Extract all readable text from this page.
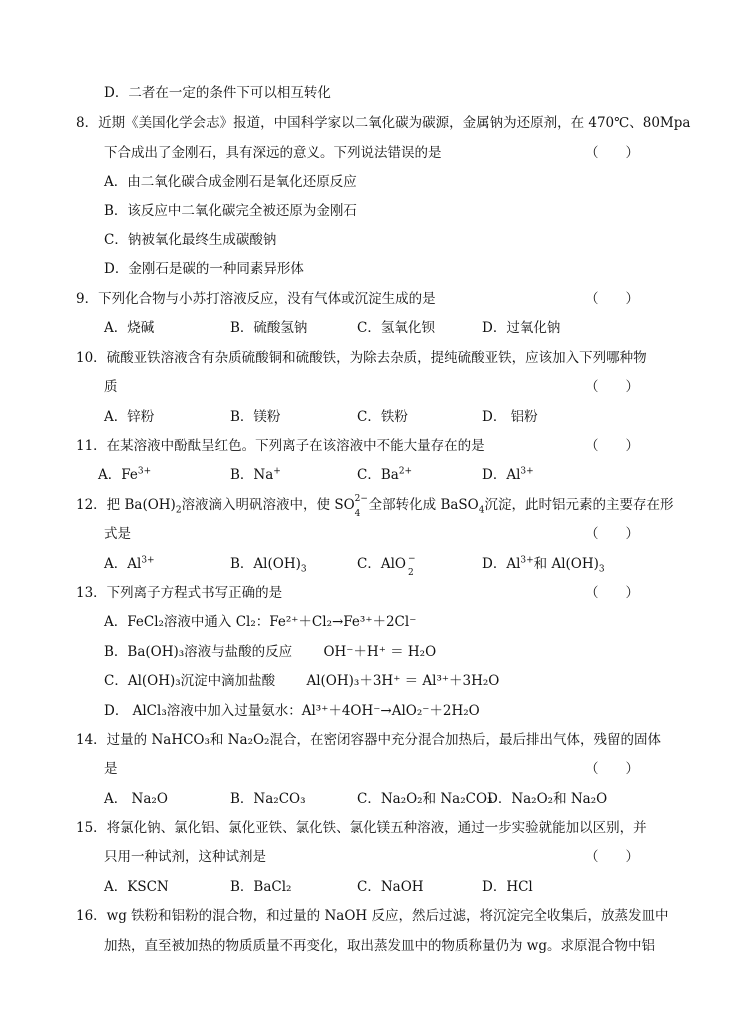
D．二者在一定的条件下可以相互转化
8．近期《美国化学会志》报道，中国科学家以二氧化碳为碳源，金属钠为还原剂，在 470℃、80Mpa
下合成出了金刚石，具有深远的意义。下列说法错误的是	（　　）
A．由二氧化碳合成金刚石是氧化还原反应
B．该反应中二氧化碳完全被还原为金刚石
C．钠被氧化最终生成碳酸钠
D．金刚石是碳的一种同素异形体
9．下列化合物与小苏打溶液反应，没有气体或沉淀生成的是	（　　）
A．烧碱	B．硫酸氢钠	C．氢氧化钡	D．过氧化钠
10．硫酸亚铁溶液含有杂质硫酸铜和硫酸铁，为除去杂质，提纯硫酸亚铁，应该加入下列哪种物
质	（　　）
A．锌粉	B．镁粉	C．铁粉	D． 铝粉
11．在某溶液中酚酞呈红色。下列离子在该溶液中不能大量存在的是	（　　）
A．$Fe^{3+}$	B．Na+	C．$Ba^{2+}$	D．$Al^{3+}$
12．把 $Ba(OH)_2$溶液滴入明矾溶液中，使 SO 2−
4
全部转化成 BaSO$_4$沉淀，此时铝元素的主要存在形
式是	（　　）
A．$Al^{3+}$	B．$Al(OH)_3$	C．AlO −
2
D．$Al^{3+}$和 $Al(OH)_3$
13．下列离子方程式书写正确的是	（　　）
A．FeCl₂溶液中通入 Cl₂：Fe²⁺＋Cl₂→Fe³⁺＋2Cl⁻
B．Ba(OH)₃溶液与盐酸的反应　　 OH⁻＋H⁺ ＝ H₂O
C．Al(OH)₃沉淀中滴加盐酸　　 Al(OH)₃＋3H⁺ ＝ Al³⁺＋3H₂O
D． AlCl₃溶液中加入过量氨水：Al³⁺＋4OH⁻→AlO₂⁻＋2H₂O
14．过量的 NaHCO₃和 Na₂O₂混合，在密闭容器中充分混合加热后，最后排出气体，残留的固体
是	（　　）
A． Na₂O	B．Na₂CO₃	C．Na₂O₂和 Na₂CO₃
D．Na₂O₂和 Na₂O
15．将氯化钠、氯化铝、氯化亚铁、氯化铁、氯化镁五种溶液，通过一步实验就能加以区别，并
只用一种试剂，这种试剂是	（　　）
A．KSCN	B．BaCl₂	C．NaOH	D．HCl
16．wg 铁粉和铝粉的混合物，和过量的 NaOH 反应，然后过滤，将沉淀完全收集后，放蒸发皿中
加热，直至被加热的物质质量不再变化，取出蒸发皿中的物质称量仍为 wg。求原混合物中铝
